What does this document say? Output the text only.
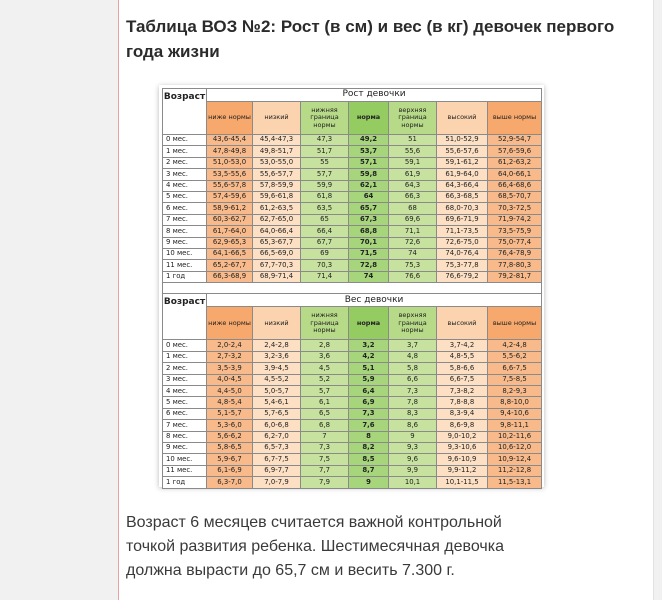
Таблица ВОЗ №2: Рост (в см) и вес (в кг) девочек первого года жизни
Возраст	Рост девочки						
	ниже нормы	низкий	нижняя граница нормы	норма	верхняя граница нормы	высокий	выше нормы
0 мес.	43,6-45,4	45,4-47,3	47,3	49,2	51	51,0-52,9	52,9-54,7
1 мес.	47,8-49,8	49,8-51,7	51,7	53,7	55,6	55,6-57,6	57,6-59,6
2 мес.	51,0-53,0	53,0-55,0	55	57,1	59,1	59,1-61,2	61,2-63,2
3 мес.	53,5-55,6	55,6-57,7	57,7	59,8	61,9	61,9-64,0	64,0-66,1
4 мес.	55,6-57,8	57,8-59,9	59,9	62,1	64,3	64,3-66,4	66,4-68,6
5 мес.	57,4-59,6	59,6-61,8	61,8	64	66,3	66,3-68,5	68,5-70,7
6 мес.	58,9-61,2	61,2-63,5	63,5	65,7	68	68,0-70,3	70,3-72,5
7 мес.	60,3-62,7	62,7-65,0	65	67,3	69,6	69,6-71,9	71,9-74,2
8 мес.	61,7-64,0	64,0-66,4	66,4	68,8	71,1	71,1-73,5	73,5-75,9
9 мес.	62,9-65,3	65,3-67,7	67,7	70,1	72,6	72,6-75,0	75,0-77,4
10 мес.	64,1-66,5	66,5-69,0	69	71,5	74	74,0-76,4	76,4-78,9
11 мес.	65,2-67,7	67,7-70,3	70,3	72,8	75,3	75,3-77,8	77,8-80,3
1 год	66,3-68,9	68,9-71,4	71,4	74	76,6	76,6-79,2	79,2-81,7

Возраст	Вес девочки						
	ниже нормы	низкий	нижняя граница нормы	норма	верхняя граница нормы	высокий	выше нормы
0 мес.	2,0-2,4	2,4-2,8	2,8	3,2	3,7	3,7-4,2	4,2-4,8
1 мес.	2,7-3,2	3,2-3,6	3,6	4,2	4,8	4,8-5,5	5,5-6,2
2 мес.	3,5-3,9	3,9-4,5	4,5	5,1	5,8	5,8-6,6	6,6-7,5
3 мес.	4,0-4,5	4,5-5,2	5,2	5,9	6,6	6,6-7,5	7,5-8,5
4 мес.	4,4-5,0	5,0-5,7	5,7	6,4	7,3	7,3-8,2	8,2-9,3
5 мес.	4,8-5,4	5,4-6,1	6,1	6,9	7,8	7,8-8,8	8,8-10,0
6 мес.	5,1-5,7	5,7-6,5	6,5	7,3	8,3	8,3-9,4	9,4-10,6
7 мес.	5,3-6,0	6,0-6,8	6,8	7,6	8,6	8,6-9,8	9,8-11,1
8 мес.	5,6-6,2	6,2-7,0	7	8	9	9,0-10,2	10,2-11,6
9 мес.	5,8-6,5	6,5-7,3	7,3	8,2	9,3	9,3-10,6	10,6-12,0
10 мес.	5,9-6,7	6,7-7,5	7,5	8,5	9,6	9,6-10,9	10,9-12,4
11 мес.	6,1-6,9	6,9-7,7	7,7	8,7	9,9	9,9-11,2	11,2-12,8
1 год	6,3-7,0	7,0-7,9	7,9	9	10,1	10,1-11,5	11,5-13,1

Возраст 6 месяцев считается важной контрольной точкой развития ребенка. Шестимесячная девочка должна вырасти до 65,7 см и весить 7.300 г.
